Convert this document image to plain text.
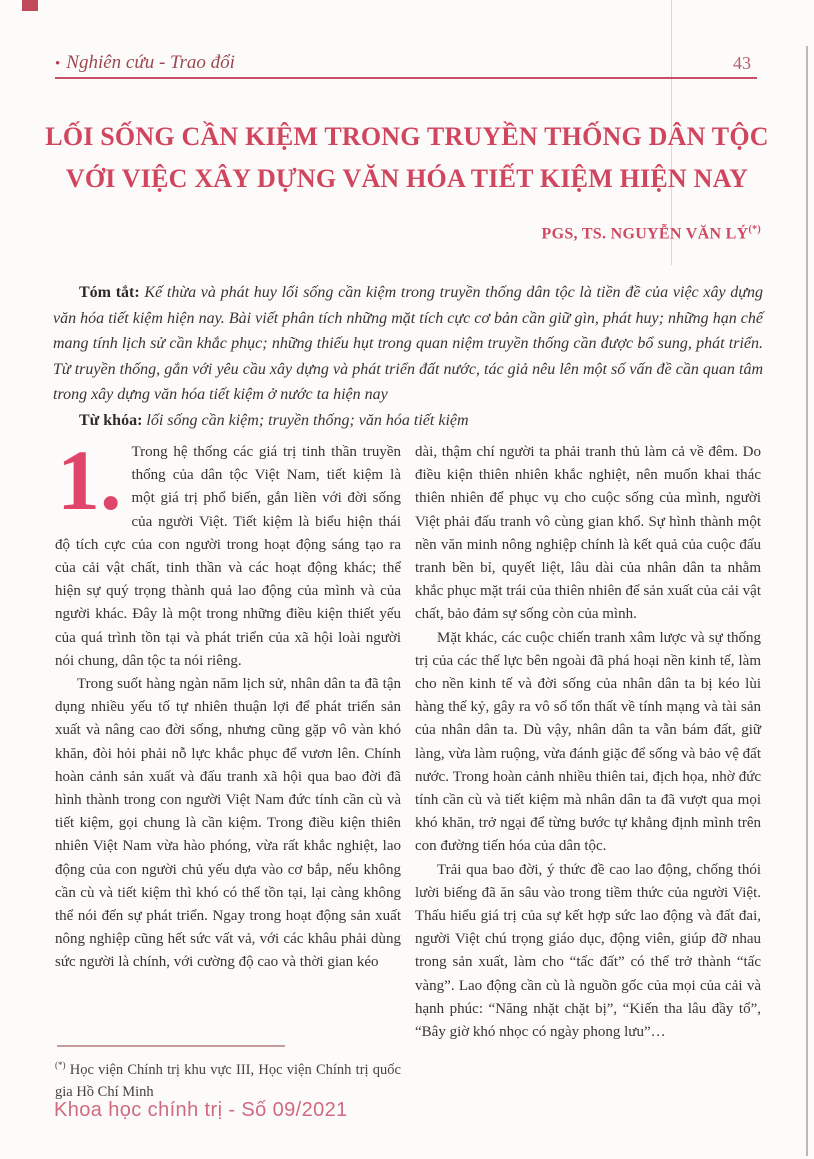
• Nghiên cứu - Trao đổi	43
LỐI SỐNG CẦN KIỆM TRONG TRUYỀN THỐNG DÂN TỘC
VỚI VIỆC XÂY DỰNG VĂN HÓA TIẾT KIỆM HIỆN NAY
PGS, TS. NGUYỄN VĂN LÝ(*)

Tóm tắt: Kế thừa và phát huy lối sống cần kiệm trong truyền thống dân tộc là tiền đề của việc xây dựng văn hóa tiết kiệm hiện nay. Bài viết phân tích những mặt tích cực cơ bản cần giữ gìn, phát huy; những hạn chế mang tính lịch sử cần khắc phục; những thiếu hụt trong quan niệm truyền thống cần được bổ sung, phát triển. Từ truyền thống, gắn với yêu cầu xây dựng và phát triển đất nước, tác giả nêu lên một số vấn đề cần quan tâm trong xây dựng văn hóa tiết kiệm ở nước ta hiện nay

Từ khóa: lối sống cần kiệm; truyền thống; văn hóa tiết kiệm

1. Trong hệ thống các giá trị tinh thần truyền thống của dân tộc Việt Nam, tiết kiệm là một giá trị phổ biến, gắn liền với đời sống của người Việt. Tiết kiệm là biểu hiện thái độ tích cực của con người trong hoạt động sáng tạo ra của cải vật chất, tinh thần và các hoạt động khác; thể hiện sự quý trọng thành quả lao động của mình và của người khác. Đây là một trong những điều kiện thiết yếu của quá trình tồn tại và phát triển của xã hội loài người nói chung, dân tộc ta nói riêng.

Trong suốt hàng ngàn năm lịch sử, nhân dân ta đã tận dụng nhiều yếu tố tự nhiên thuận lợi để phát triển sản xuất và nâng cao đời sống, nhưng cũng gặp vô vàn khó khăn, đòi hỏi phải nỗ lực khắc phục để vươn lên. Chính hoàn cảnh sản xuất và đấu tranh xã hội qua bao đời đã hình thành trong con người Việt Nam đức tính cần cù và tiết kiệm, gọi chung là cần kiệm. Trong điều kiện thiên nhiên Việt Nam vừa hào phóng, vừa rất khắc nghiệt, lao động của con người chủ yếu dựa vào cơ bắp, nếu không cần cù và tiết kiệm thì khó có thể tồn tại, lại càng không thể nói đến sự phát triển. Ngay trong hoạt động sản xuất nông nghiệp cũng hết sức vất vả, với các khâu phải dùng sức người là chính, với cường độ cao và thời gian kéo

(*) Học viện Chính trị khu vực III, Học viện Chính trị quốc gia Hồ Chí Minh

dài, thậm chí người ta phải tranh thủ làm cả về đêm. Do điều kiện thiên nhiên khắc nghiệt, nên muốn khai thác thiên nhiên để phục vụ cho cuộc sống của mình, người Việt phải đấu tranh vô cùng gian khổ. Sự hình thành một nền văn minh nông nghiệp chính là kết quả của cuộc đấu tranh bền bỉ, quyết liệt, lâu dài của nhân dân ta nhằm khắc phục mặt trái của thiên nhiên để sản xuất của cải vật chất, bảo đảm sự sống còn của mình.

Mặt khác, các cuộc chiến tranh xâm lược và sự thống trị của các thế lực bên ngoài đã phá hoại nền kinh tế, làm cho nền kinh tế và đời sống của nhân dân ta bị kéo lùi hàng thế kỷ, gây ra vô số tổn thất về tính mạng và tài sản của nhân dân ta. Dù vậy, nhân dân ta vẫn bám đất, giữ làng, vừa làm ruộng, vừa đánh giặc để sống và bảo vệ đất nước. Trong hoàn cảnh nhiều thiên tai, địch họa, nhờ đức tính cần cù và tiết kiệm mà nhân dân ta đã vượt qua mọi khó khăn, trở ngại để từng bước tự khẳng định mình trên con đường tiến hóa của dân tộc.

Trải qua bao đời, ý thức đề cao lao động, chống thói lười biếng đã ăn sâu vào trong tiềm thức của người Việt. Thấu hiểu giá trị của sự kết hợp sức lao động và đất đai, người Việt chú trọng giáo dục, động viên, giúp đỡ nhau trong sản xuất, làm cho “tấc đất” có thể trở thành “tấc vàng”. Lao động cần cù là nguồn gốc của mọi của cải và hạnh phúc: “Năng nhặt chặt bị”, “Kiến tha lâu đầy tổ”, “Bây giờ khó nhọc có ngày phong lưu”…

Khoa học chính trị - Số 09/2021
